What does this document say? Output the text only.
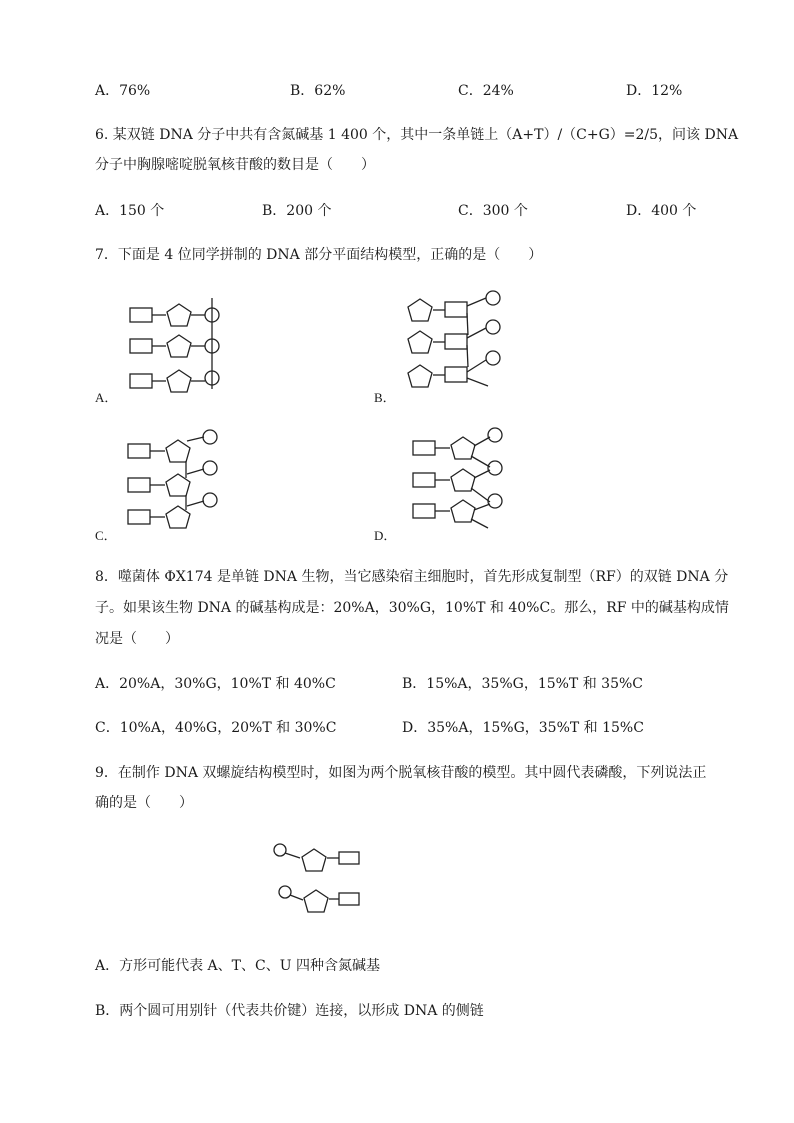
A．76%	B．62%	C．24%	D．12%
6. 某双链 DNA 分子中共有含氮碱基 1 400 个，其中一条单链上（A+T）/（C+G）=2/5，问该 DNA
分子中胸腺嘧啶脱氧核苷酸的数目是（　　）
A．150 个	B．200 个	C．300 个	D．400 个
7．下面是 4 位同学拼制的 DNA 部分平面结构模型，正确的是（　　）
A．	B．
C．	D．
8．噬菌体 ΦX174 是单链 DNA 生物，当它感染宿主细胞时，首先形成复制型（RF）的双链 DNA 分
子。如果该生物 DNA 的碱基构成是：20%A，30%G，10%T 和 40%C。那么，RF 中的碱基构成情
况是（　　）
A．20%A，30%G，10%T 和 40%C	B．15%A，35%G，15%T 和 35%C
C．10%A，40%G，20%T 和 30%C	D．35%A，15%G，35%T 和 15%C
9．在制作 DNA 双螺旋结构模型时，如图为两个脱氧核苷酸的模型。其中圆代表磷酸，下列说法正
确的是（　　）
A．方形可能代表 A、T、C、U 四种含氮碱基
B．两个圆可用别针（代表共价键）连接，以形成 DNA 的侧链
